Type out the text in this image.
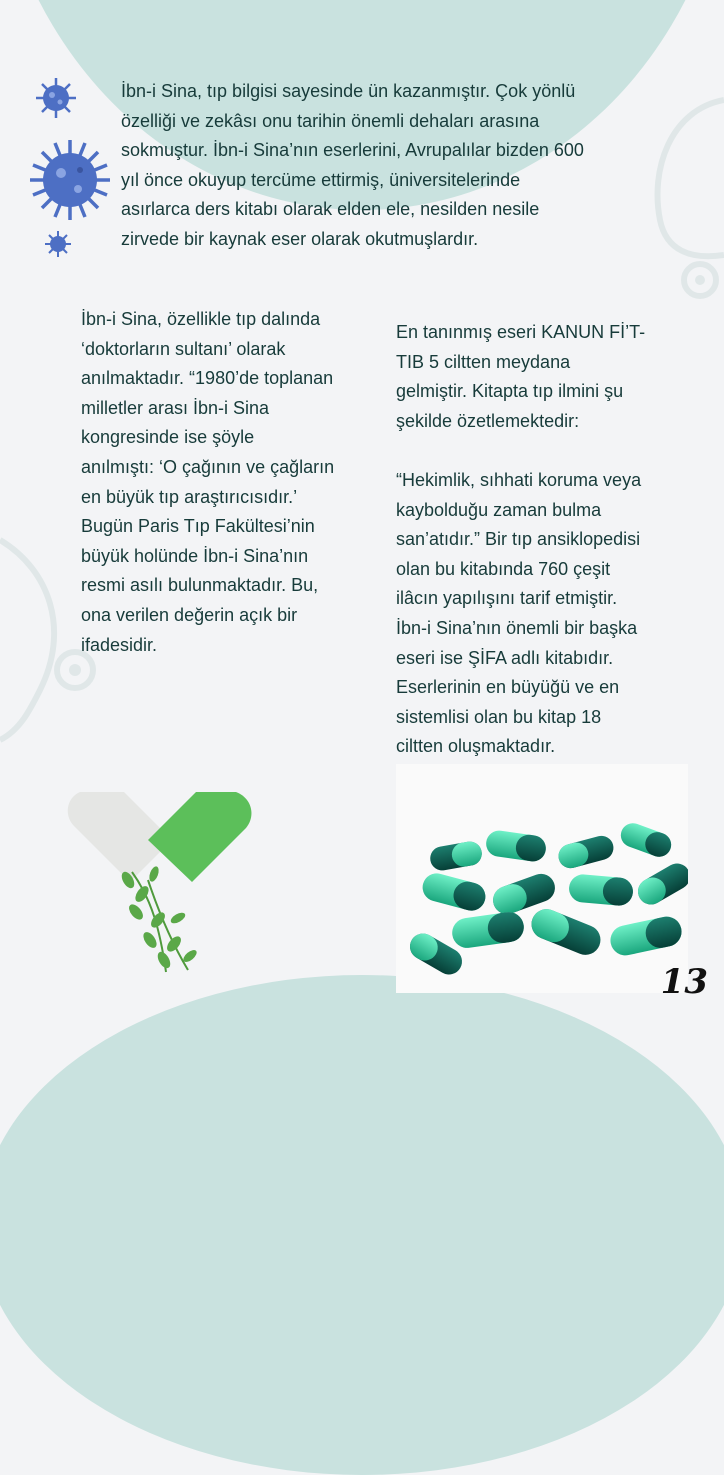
İbn-i Sina, tıp bilgisi sayesinde ün kazanmıştır. Çok yönlü
özelliği ve zekâsı onu tarihin önemli dehaları arasına
sokmuştur. İbn-i Sina’nın eserlerini, Avrupalılar bizden 600
yıl önce okuyup tercüme ettirmiş, üniversitelerinde
asırlarca ders kitabı olarak elden ele, nesilden nesile
zirvede bir kaynak eser olarak okutmuşlardır.

İbn-i Sina, özellikle tıp dalında
‘doktorların sultanı’ olarak
anılmaktadır. “1980’de toplanan
milletler arası İbn-i Sina
kongresinde ise şöyle
anılmıştı: ‘O çağının ve çağların
en büyük tıp araştırıcısıdır.’
Bugün Paris Tıp Fakültesi’nin
büyük holünde İbn-i Sina’nın
resmi asılı bulunmaktadır. Bu,
ona verilen değerin açık bir
ifadesidir.

En tanınmış eseri KANUN Fİ’T-
TIB 5 ciltten meydana
gelmiştir. Kitapta tıp ilmini şu
şekilde özetlemektedir:

“Hekimlik, sıhhati koruma veya
kaybolduğu zaman bulma
san’atıdır.” Bir tıp ansiklopedisi
olan bu kitabında 760 çeşit
ilâcın yapılışını tarif etmiştir.
İbn-i Sina’nın önemli bir başka
eseri ise ŞİFA adlı kitabıdır.
Eserlerinin en büyüğü ve en
sistemlisi olan bu kitap 18
ciltten oluşmaktadır.

13
